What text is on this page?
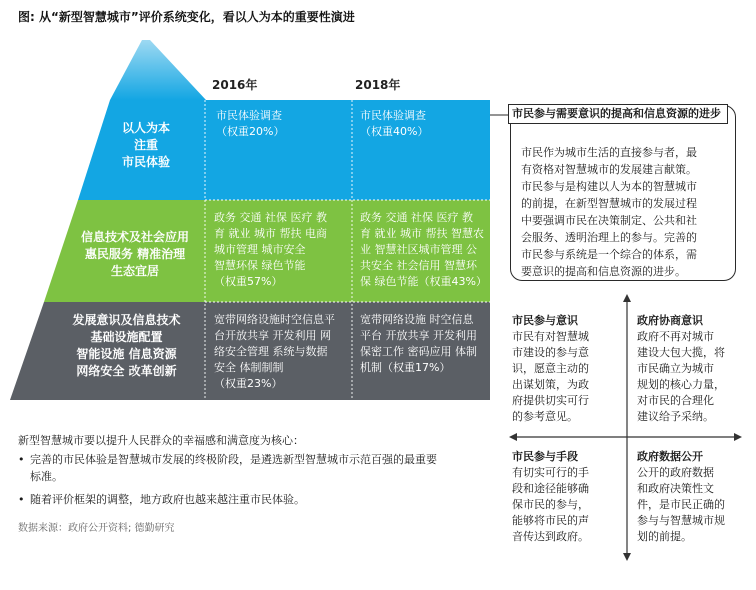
图: 从“新型智慧城市”评价系统变化，看以人为本的重要性演进
2016年	2018年
以人为本
注重
市民体验
信息技术及社会应用
惠民服务 精准治理
生态宜居
发展意识及信息技术
基础设施配置
智能设施 信息资源
网络安全 改革创新
市民体验调查
（权重20%）
市民体验调查
（权重40%）
政务 交通 社保 医疗 教
育 就业 城市 帮扶 电商
城市管理 城市安全
智慧环保 绿色节能
（权重57%）
政务 交通 社保 医疗 教
育 就业 城市 帮扶 智慧农
业 智慧社区城市管理 公
共安全 社会信用 智慧环
保 绿色节能（权重43%）
宽带网络设施时空信息平
台开放共享 开发利用 网
络安全管理 系统与数据
安全 体制制制
（权重23%）
宽带网络设施 时空信息
平台 开放共享 开发利用
保密工作 密码应用 体制
机制（权重17%）
市民参与需要意识的提高和信息资源的进步
市民作为城市生活的直接参与者，最
有资格对智慧城市的发展建言献策。
市民参与是构建以人为本的智慧城市
的前提，在新型智慧城市的发展过程
中要强调市民在决策制定、公共和社
会服务、透明治理上的参与。完善的
市民参与系统是一个综合的体系，需
要意识的提高和信息资源的进步。
市民参与意识
市民有对智慧城
市建设的参与意
识，愿意主动的
出谋划策，为政
府提供切实可行
的参考意见。
政府协商意识
政府不再对城市
建设大包大揽，将
市民确立为城市
规划的核心力量，
对市民的合理化
建议给予采纳。
市民参与手段
有切实可行的手
段和途径能够确
保市民的参与，
能够将市民的声
音传达到政府。
政府数据公开
公开的政府数据
和政府决策性文
件，是市民正确的
参与与智慧城市规
划的前提。
新型智慧城市要以提升人民群众的幸福感和满意度为核心：
• 完善的市民体验是智慧城市发展的终极阶段，是遴选新型智慧城市示范百强的最重要
标准。
• 随着评价框架的调整，地方政府也越来越注重市民体验。
数据来源：政府公开资料; 德勤研究
